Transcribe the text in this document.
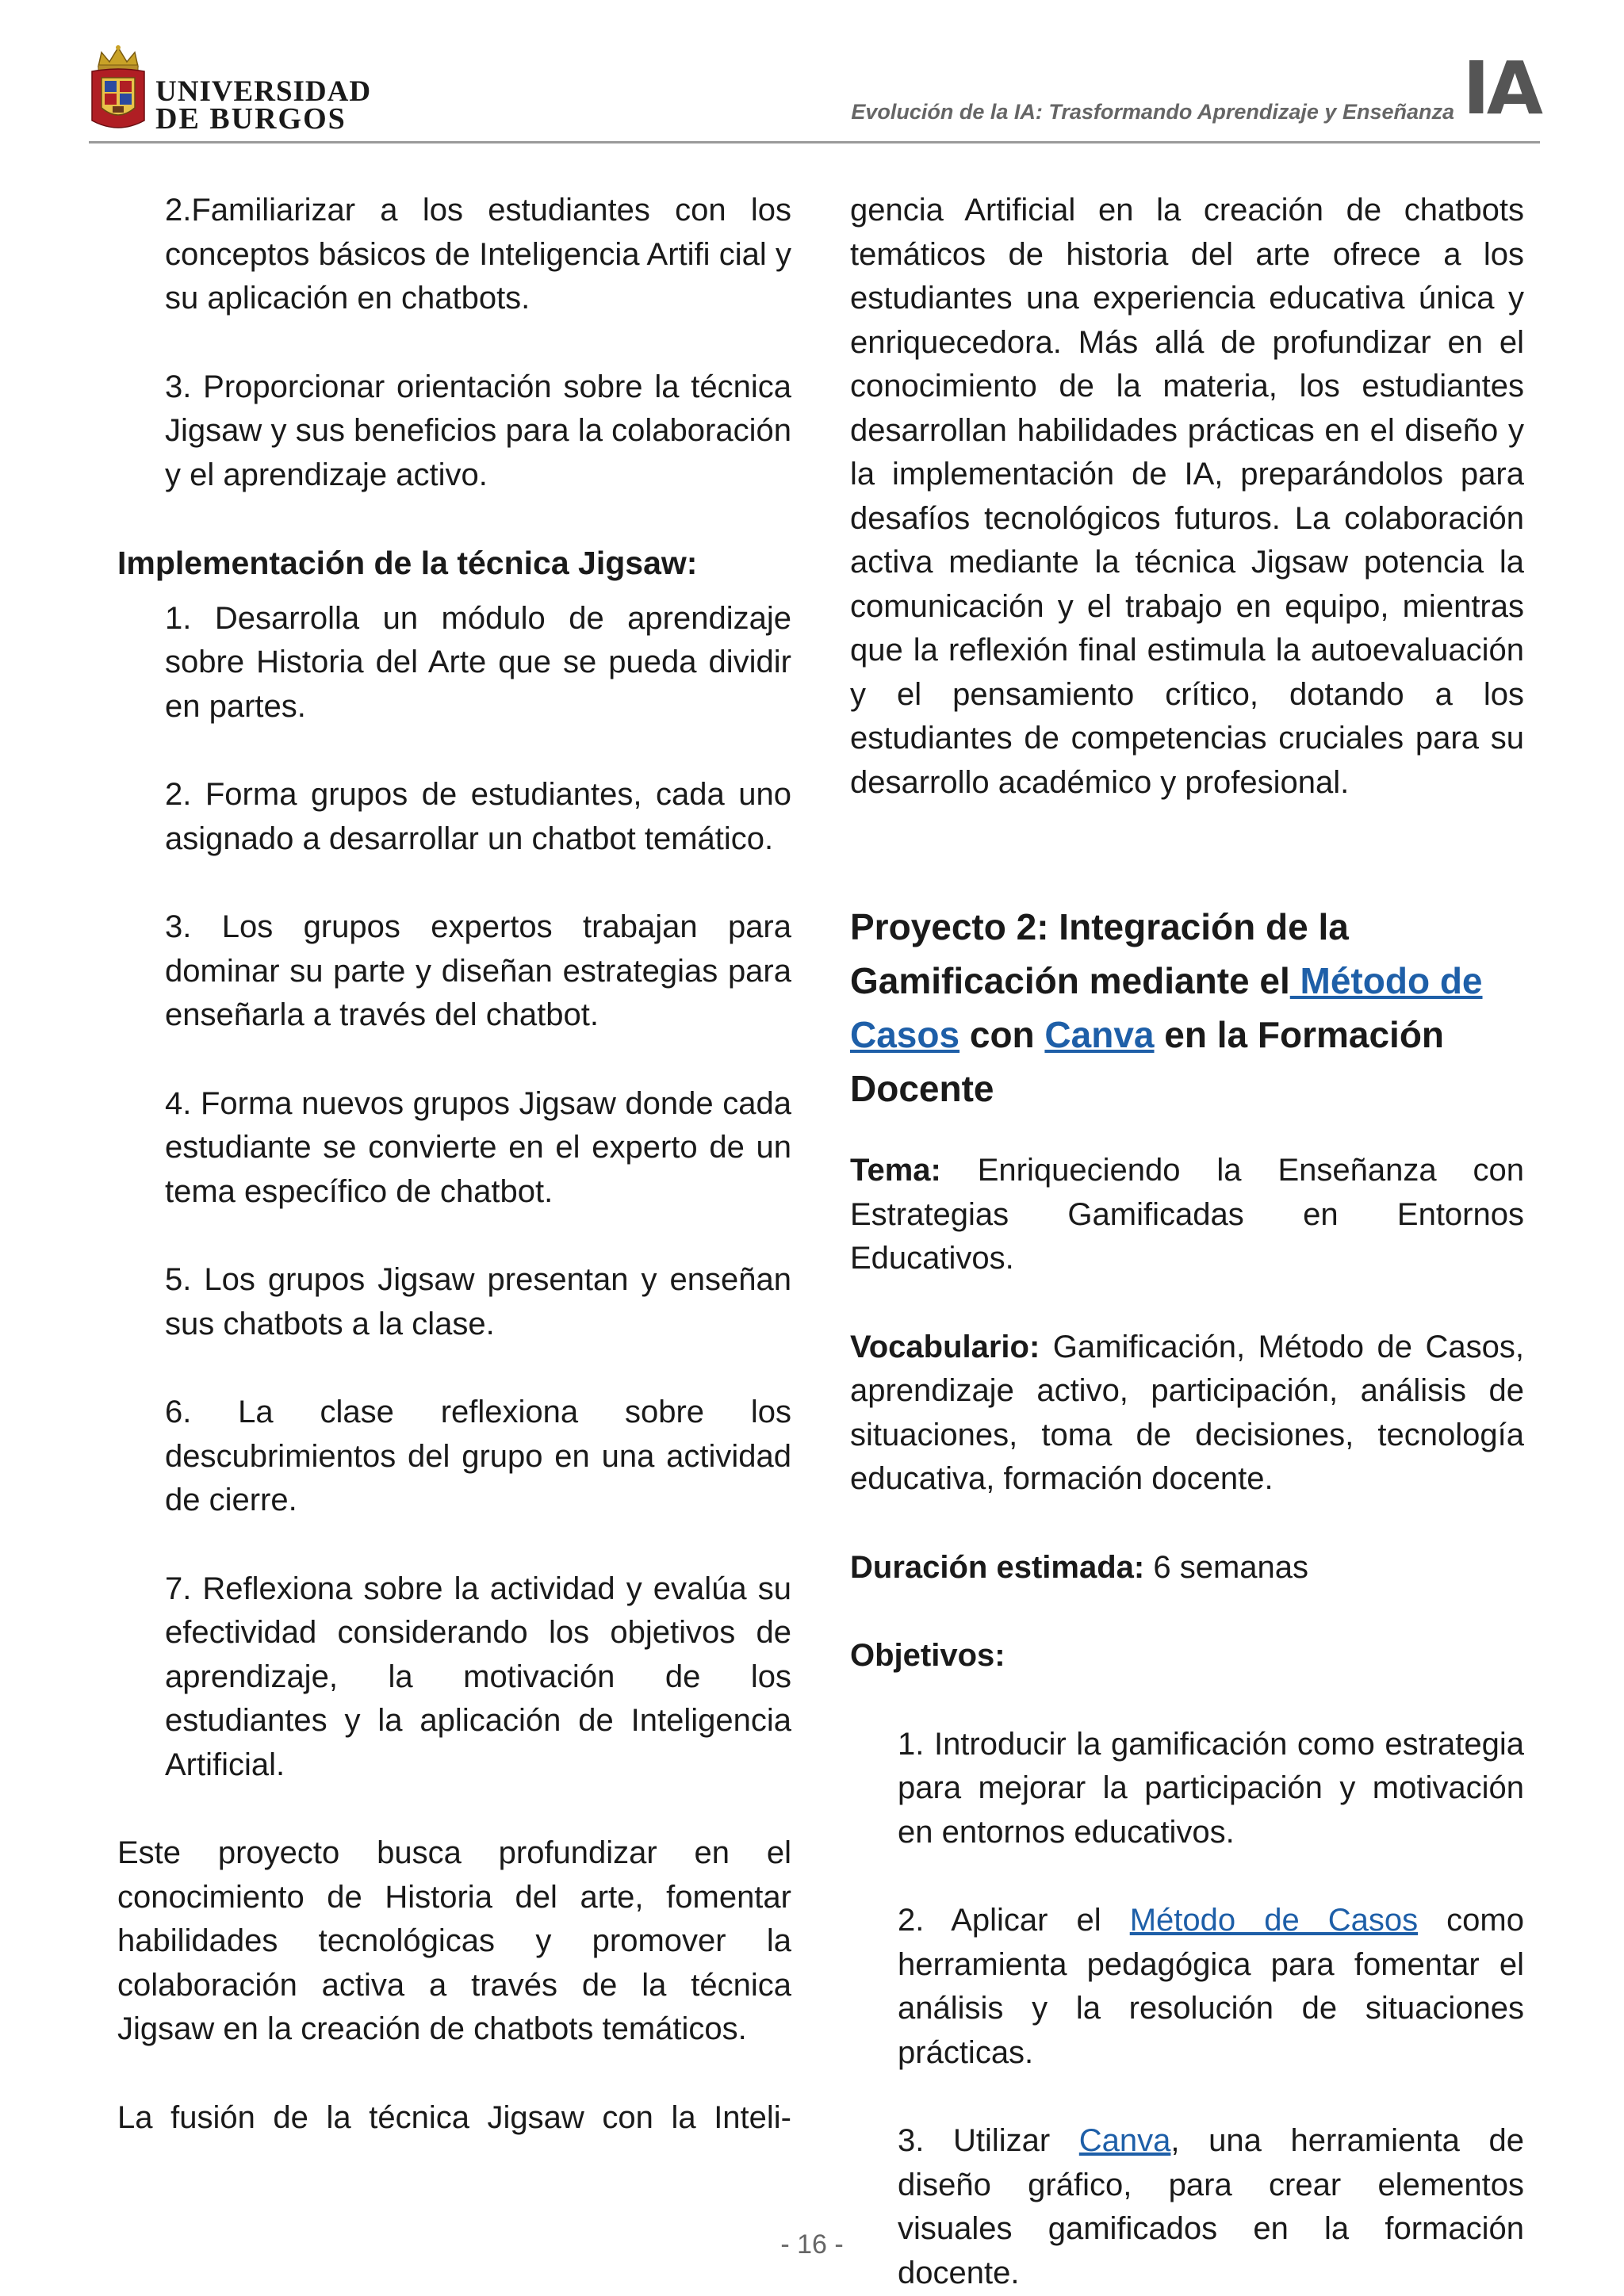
UNIVERSIDAD
DE BURGOS	Evolución de la IA: Trasformando Aprendizaje y Enseñanza IA

2.Familiarizar a los estudiantes con los conceptos básicos de Inteligencia Artifi cial y su aplicación en chatbots.

3. Proporcionar orientación sobre la técnica Jigsaw y sus beneficios para la colaboración y el aprendizaje activo.

Implementación de la técnica Jigsaw:

1. Desarrolla un módulo de aprendizaje sobre Historia del Arte que se pueda dividir en partes.

2. Forma grupos de estudiantes, cada uno asignado a desarrollar un chatbot temático.

3. Los grupos expertos trabajan para dominar su parte y diseñan estrategias para enseñarla a través del chatbot.

4. Forma nuevos grupos Jigsaw donde cada estudiante se convierte en el experto de un tema específico de chatbot.

5. Los grupos Jigsaw presentan y enseñan sus chatbots a la clase.

6. La clase reflexiona sobre los descubrimientos del grupo en una actividad de cierre.

7. Reflexiona sobre la actividad y evalúa su efectividad considerando los objetivos de aprendizaje, la motivación de los estudiantes y la aplicación de Inteligencia Artificial.

Este proyecto busca profundizar en el conocimiento de Historia del arte, fomentar habilidades tecnológicas y promover la colaboración activa a través de la técnica Jigsaw en la creación de chatbots temáticos.

La fusión de la técnica Jigsaw con la Inteli-

gencia Artificial en la creación de chatbots temáticos de historia del arte ofrece a los estudiantes una experiencia educativa única y enriquecedora. Más allá de profundizar en el conocimiento de la materia, los estudiantes desarrollan habilidades prácticas en el diseño y la implementación de IA, preparándolos para desafíos tecnológicos futuros. La colaboración activa mediante la técnica Jigsaw potencia la comunicación y el trabajo en equipo, mientras que la reflexión final estimula la autoevaluación y el pensamiento crítico, dotando a los estudiantes de competencias cruciales para su desarrollo académico y profesional.

Proyecto 2: Integración de la Gamificación mediante el Método de Casos con Canva en la Formación Docente

Tema: Enriqueciendo la Enseñanza con Estrategias Gamificadas en Entornos Educativos.

Vocabulario: Gamificación, Método de Casos, aprendizaje activo, participación, análisis de situaciones, toma de decisiones, tecnología educativa, formación docente.

Duración estimada: 6 semanas

Objetivos:

1. Introducir la gamificación como estrategia para mejorar la participación y motivación en entornos educativos.

2. Aplicar el Método de Casos como herramienta pedagógica para fomentar el análisis y la resolución de situaciones prácticas.

3. Utilizar Canva, una herramienta de diseño gráfico, para crear elementos visuales gamificados en la formación docente.

- 16 -
